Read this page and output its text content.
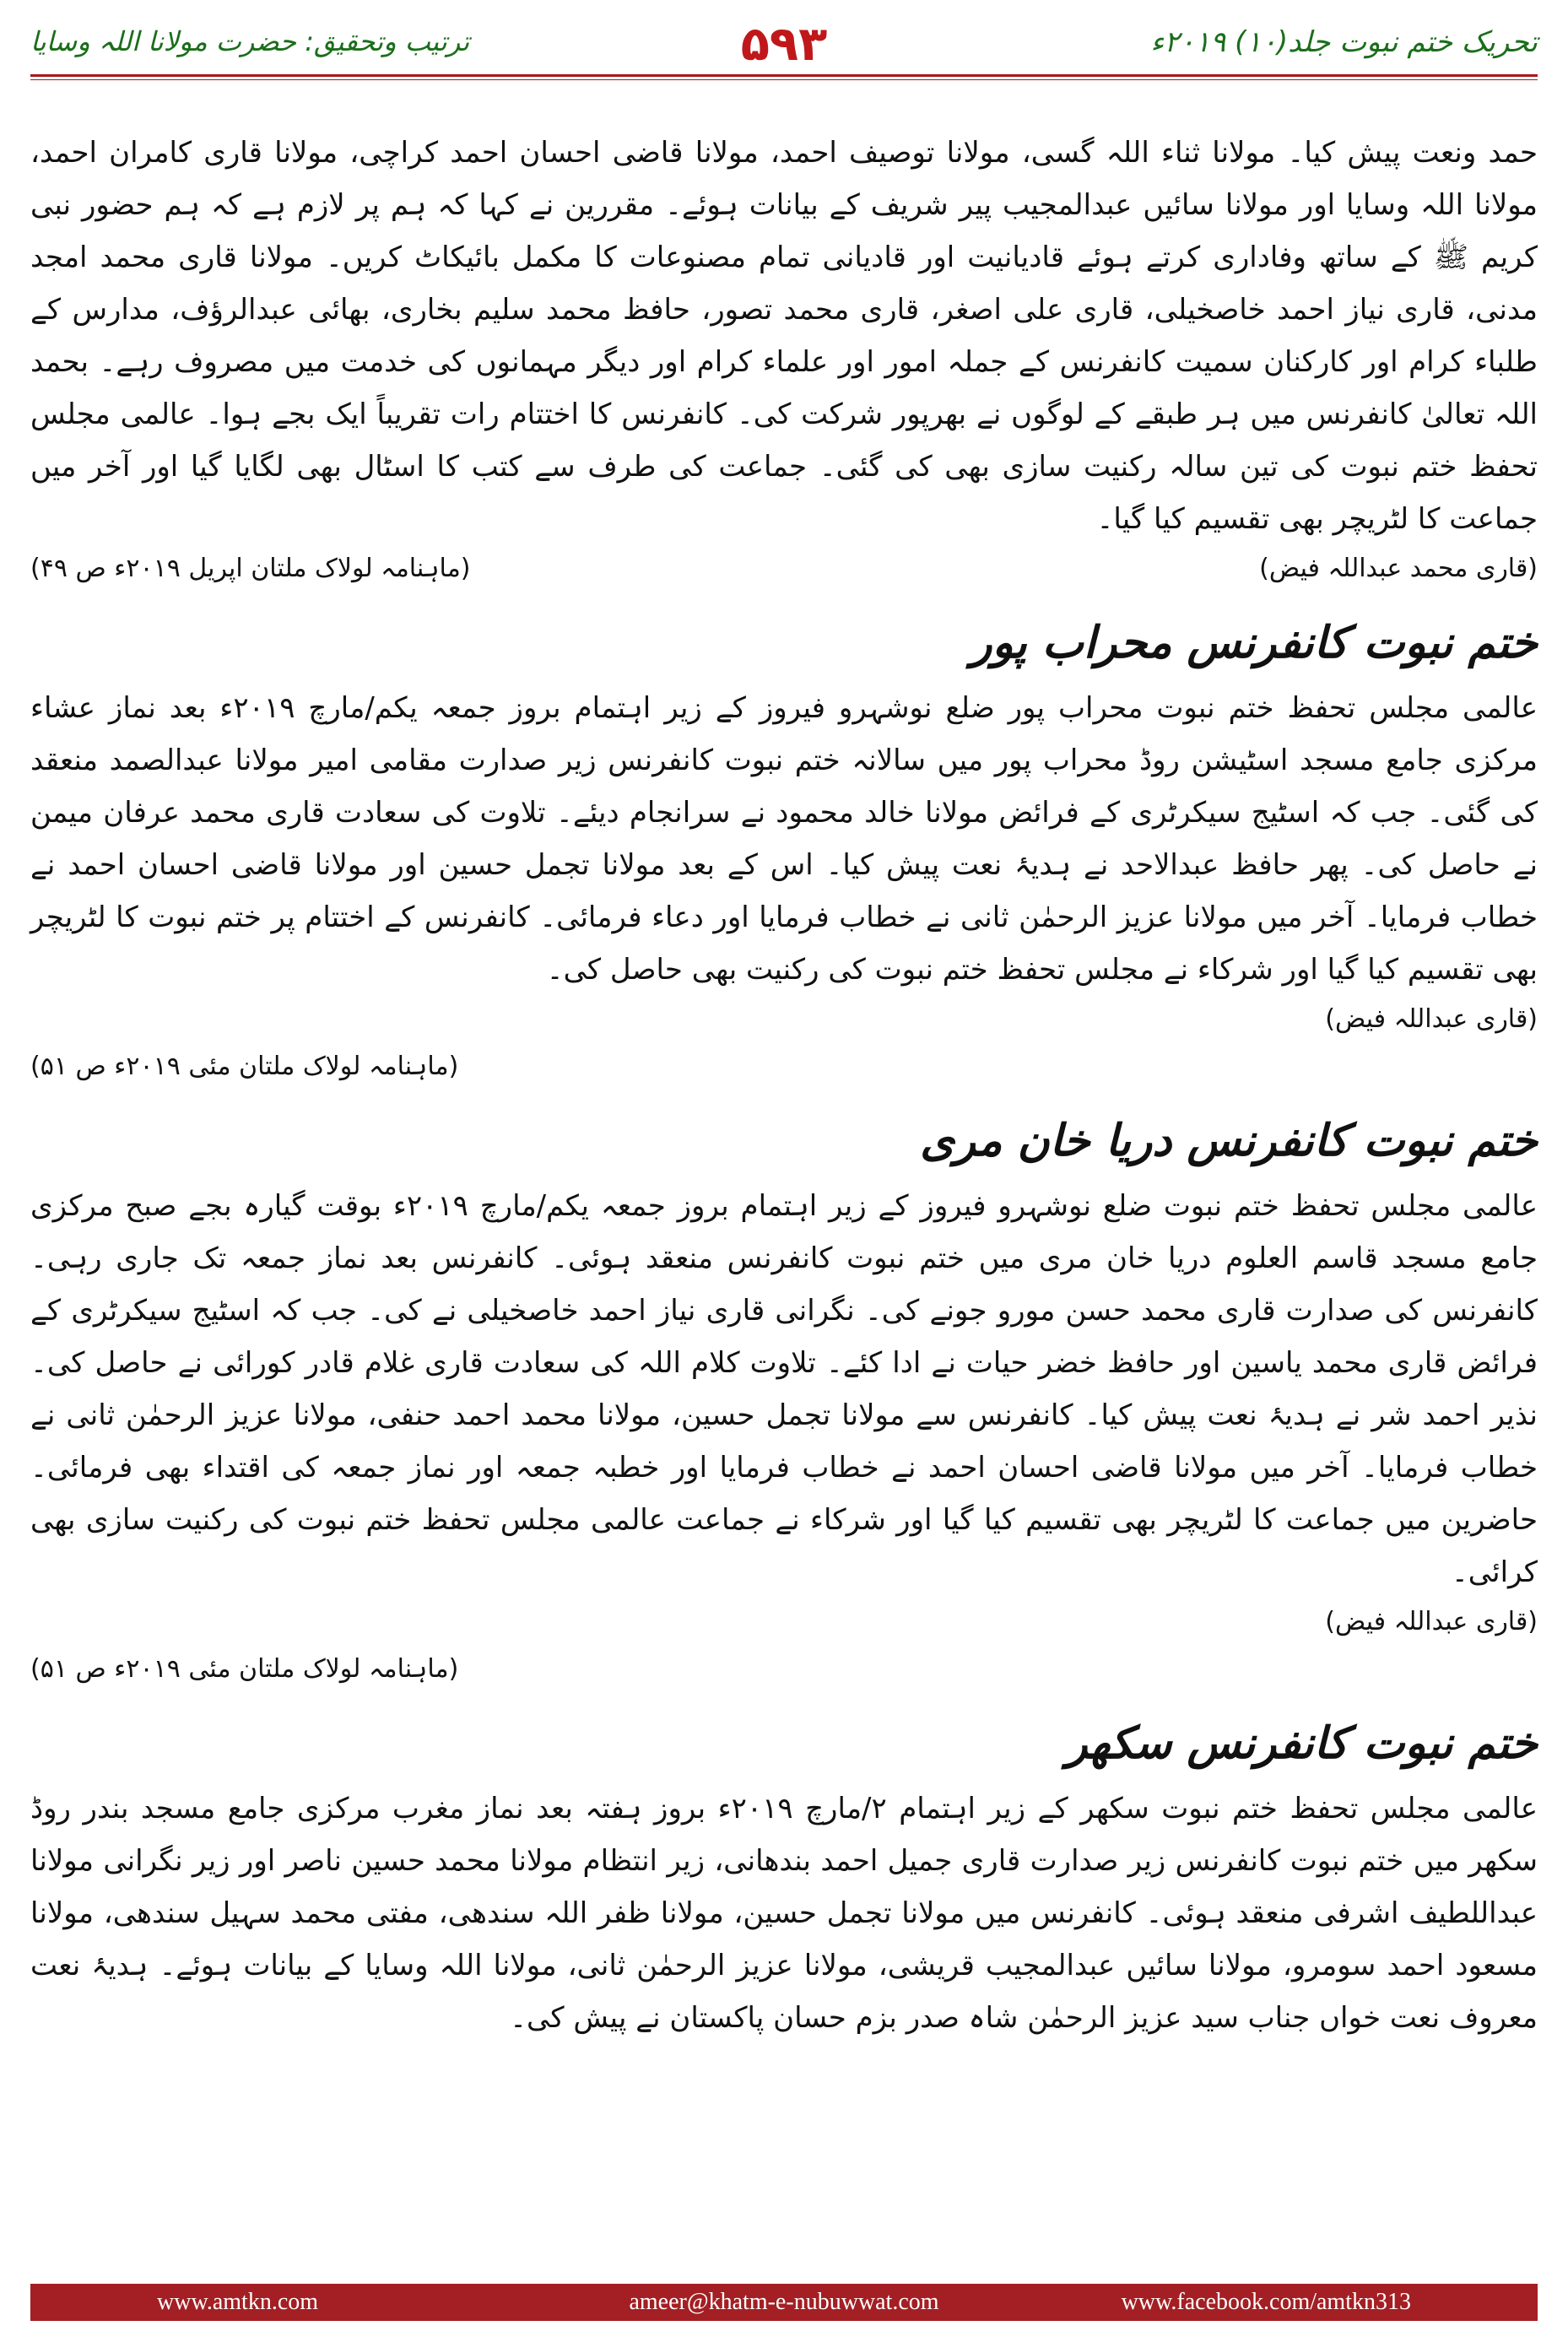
تحریک ختم نبوت جلد(۱۰) ۲۰۱۹ء
۵۹۳
ترتیب وتحقیق: حضرت مولانا اللہ وسایا

حمد ونعت پیش کیا۔ مولانا ثناء اللہ گسی، مولانا توصیف احمد، مولانا قاضی احسان احمد کراچی، مولانا قاری کامران احمد، مولانا اللہ وسایا اور مولانا سائیں عبدالمجیب پیر شریف کے بیانات ہوئے۔ مقررین نے کہا کہ ہم پر لازم ہے کہ ہم حضور نبی کریم ﷺ کے ساتھ وفاداری کرتے ہوئے قادیانیت اور قادیانی تمام مصنوعات کا مکمل بائیکاٹ کریں۔ مولانا قاری محمد امجد مدنی، قاری نیاز احمد خاصخیلی، قاری علی اصغر، قاری محمد تصور، حافظ محمد سلیم بخاری، بھائی عبدالرؤف، مدارس کے طلباء کرام اور کارکنان سمیت کانفرنس کے جملہ امور اور علماء کرام اور دیگر مہمانوں کی خدمت میں مصروف رہے۔ بحمد اللہ تعالیٰ کانفرنس میں ہر طبقے کے لوگوں نے بھرپور شرکت کی۔ کانفرنس کا اختتام رات تقریباً ایک بجے ہوا۔ عالمی مجلس تحفظ ختم نبوت کی تین سالہ رکنیت سازی بھی کی گئی۔ جماعت کی طرف سے کتب کا اسٹال بھی لگایا گیا اور آخر میں جماعت کا لٹریچر بھی تقسیم کیا گیا۔

(قاری محمد عبداللہ فیض)
(ماہنامہ لولاک ملتان اپریل ۲۰۱۹ء ص ۴۹)
ختم نبوت کانفرنس محراب پور

عالمی مجلس تحفظ ختم نبوت محراب پور ضلع نوشہرو فیروز کے زیر اہتمام بروز جمعہ یکم/مارچ ۲۰۱۹ء بعد نماز عشاء مرکزی جامع مسجد اسٹیشن روڈ محراب پور میں سالانہ ختم نبوت کانفرنس زیر صدارت مقامی امیر مولانا عبدالصمد منعقد کی گئی۔ جب کہ اسٹیج سیکرٹری کے فرائض مولانا خالد محمود نے سرانجام دیئے۔ تلاوت کی سعادت قاری محمد عرفان میمن نے حاصل کی۔ پھر حافظ عبدالاحد نے ہدیۂ نعت پیش کیا۔ اس کے بعد مولانا تجمل حسین اور مولانا قاضی احسان احمد نے خطاب فرمایا۔ آخر میں مولانا عزیز الرحمٰن ثانی نے خطاب فرمایا اور دعاء فرمائی۔ کانفرنس کے اختتام پر ختم نبوت کا لٹریچر بھی تقسیم کیا گیا اور شرکاء نے مجلس تحفظ ختم نبوت کی رکنیت بھی حاصل کی۔

(قاری عبداللہ فیض)

(ماہنامہ لولاک ملتان مئی ۲۰۱۹ء ص ۵۱)

ختم نبوت کانفرنس دریا خان مری

عالمی مجلس تحفظ ختم نبوت ضلع نوشہرو فیروز کے زیر اہتمام بروز جمعہ یکم/مارچ ۲۰۱۹ء بوقت گیارہ بجے صبح مرکزی جامع مسجد قاسم العلوم دریا خان مری میں ختم نبوت کانفرنس منعقد ہوئی۔ کانفرنس بعد نماز جمعہ تک جاری رہی۔ کانفرنس کی صدارت قاری محمد حسن مورو جونے کی۔ نگرانی قاری نیاز احمد خاصخیلی نے کی۔ جب کہ اسٹیج سیکرٹری کے فرائض قاری محمد یاسین اور حافظ خضر حیات نے ادا کئے۔ تلاوت کلام اللہ کی سعادت قاری غلام قادر کورائی نے حاصل کی۔ نذیر احمد شر نے ہدیۂ نعت پیش کیا۔ کانفرنس سے مولانا تجمل حسین، مولانا محمد احمد حنفی، مولانا عزیز الرحمٰن ثانی نے خطاب فرمایا۔ آخر میں مولانا قاضی احسان احمد نے خطاب فرمایا اور خطبہ جمعہ اور نماز جمعہ کی اقتداء بھی فرمائی۔ حاضرین میں جماعت کا لٹریچر بھی تقسیم کیا گیا اور شرکاء نے جماعت عالمی مجلس تحفظ ختم نبوت کی رکنیت سازی بھی کرائی۔

(قاری عبداللہ فیض)

(ماہنامہ لولاک ملتان مئی ۲۰۱۹ء ص ۵۱)

ختم نبوت کانفرنس سکھر

عالمی مجلس تحفظ ختم نبوت سکھر کے زیر اہتمام ۲/مارچ ۲۰۱۹ء بروز ہفتہ بعد نماز مغرب مرکزی جامع مسجد بندر روڈ سکھر میں ختم نبوت کانفرنس زیر صدارت قاری جمیل احمد بندھانی، زیر انتظام مولانا محمد حسین ناصر اور زیر نگرانی مولانا عبداللطیف اشرفی منعقد ہوئی۔ کانفرنس میں مولانا تجمل حسین، مولانا ظفر اللہ سندھی، مفتی محمد سہیل سندھی، مولانا مسعود احمد سومرو، مولانا سائیں عبدالمجیب قریشی، مولانا عزیز الرحمٰن ثانی، مولانا اللہ وسایا کے بیانات ہوئے۔ ہدیۂ نعت معروف نعت خواں جناب سید عزیز الرحمٰن شاہ صدر بزم حسان پاکستان نے پیش کی۔

www.amtkn.com	ameer@khatm-e-nubuwwat.com	www.facebook.com/amtkn313
